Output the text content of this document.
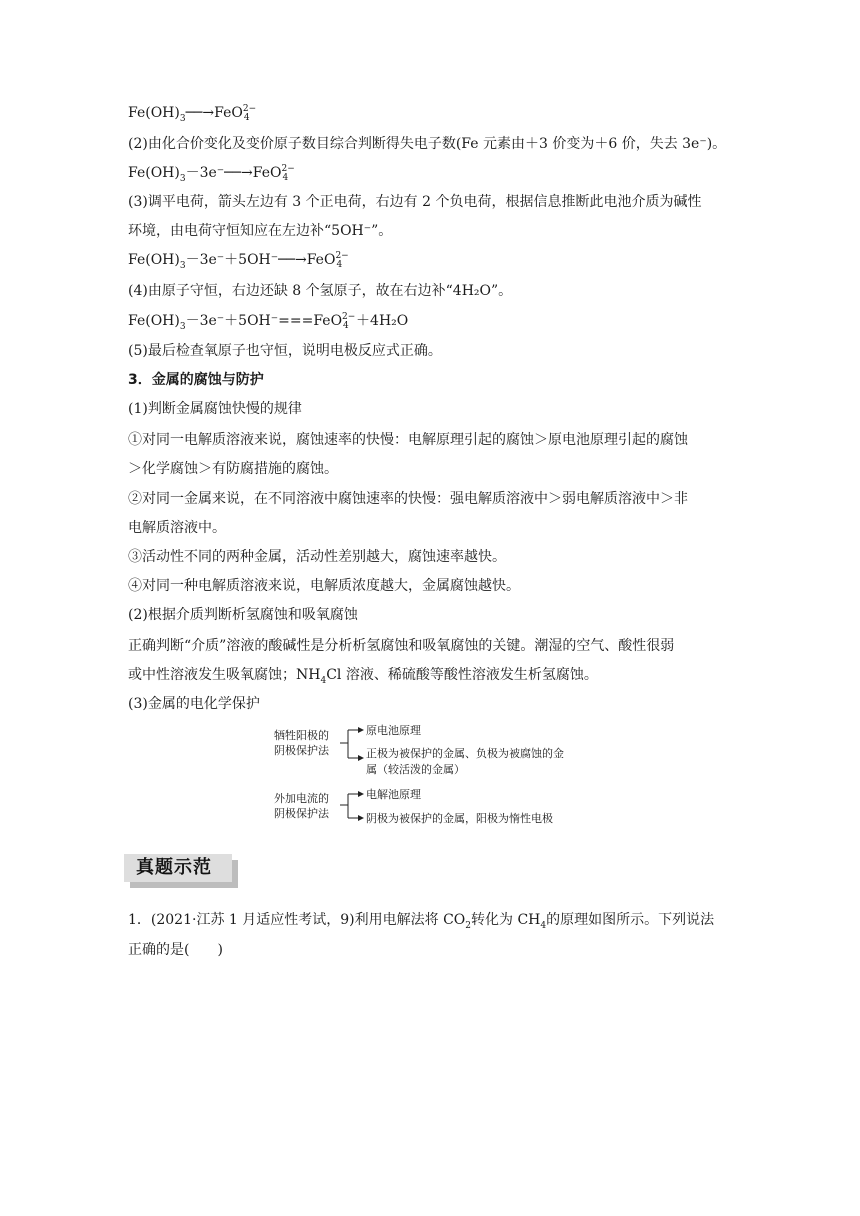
$Fe(OH)_3──\to FeO$ 2−
4
(2)由化合价变化及变价原子数目综合判断得失电子数(Fe 元素由＋3 价变为＋6 价，失去 3e⁻)。
$Fe(OH)_3-3e^-──\to FeO$ 2−
4
(3)调平电荷，箭头左边有 3 个正电荷，右边有 2 个负电荷，根据信息推断此电池介质为碱性
环境，由电荷守恒知应在左边补“5OH⁻”。
$Fe(OH)_3-3e^-+5OH^-──\to FeO$ 2−
4
(4)由原子守恒，右边还缺 8 个氢原子，故在右边补“4H₂O”。
$Fe(OH)_3-3e^-+5OH^-===FeO$ 2−
4 ＋4H₂O
(5)最后检查氧原子也守恒，说明电极反应式正确。
3．金属的腐蚀与防护
(1)判断金属腐蚀快慢的规律
①对同一电解质溶液来说，腐蚀速率的快慢：电解原理引起的腐蚀＞原电池原理引起的腐蚀
＞化学腐蚀＞有防腐措施的腐蚀。
②对同一金属来说，在不同溶液中腐蚀速率的快慢：强电解质溶液中＞弱电解质溶液中＞非
电解质溶液中。
③活动性不同的两种金属，活动性差别越大，腐蚀速率越快。
④对同一种电解质溶液来说，电解质浓度越大，金属腐蚀越快。
(2)根据介质判断析氢腐蚀和吸氧腐蚀
正确判断“介质”溶液的酸碱性是分析析氢腐蚀和吸氧腐蚀的关键。潮湿的空气、酸性很弱
或中性溶液发生吸氧腐蚀；$NH_4Cl$ 溶液、稀硫酸等酸性溶液发生析氢腐蚀。
(3)金属的电化学保护
牺牲阳极的
阴极保护法
原电池原理
正极为被保护的金属、负极为被腐蚀的金
属（较活泼的金属）
外加电流的
阴极保护法
电解池原理
阴极为被保护的金属，阳极为惰性电极
真题示范
1．(2021·江苏 1 月适应性考试，9)利用电解法将 $CO_2$转化为 $CH_4$的原理如图所示。下列说法
正确的是(　　)
